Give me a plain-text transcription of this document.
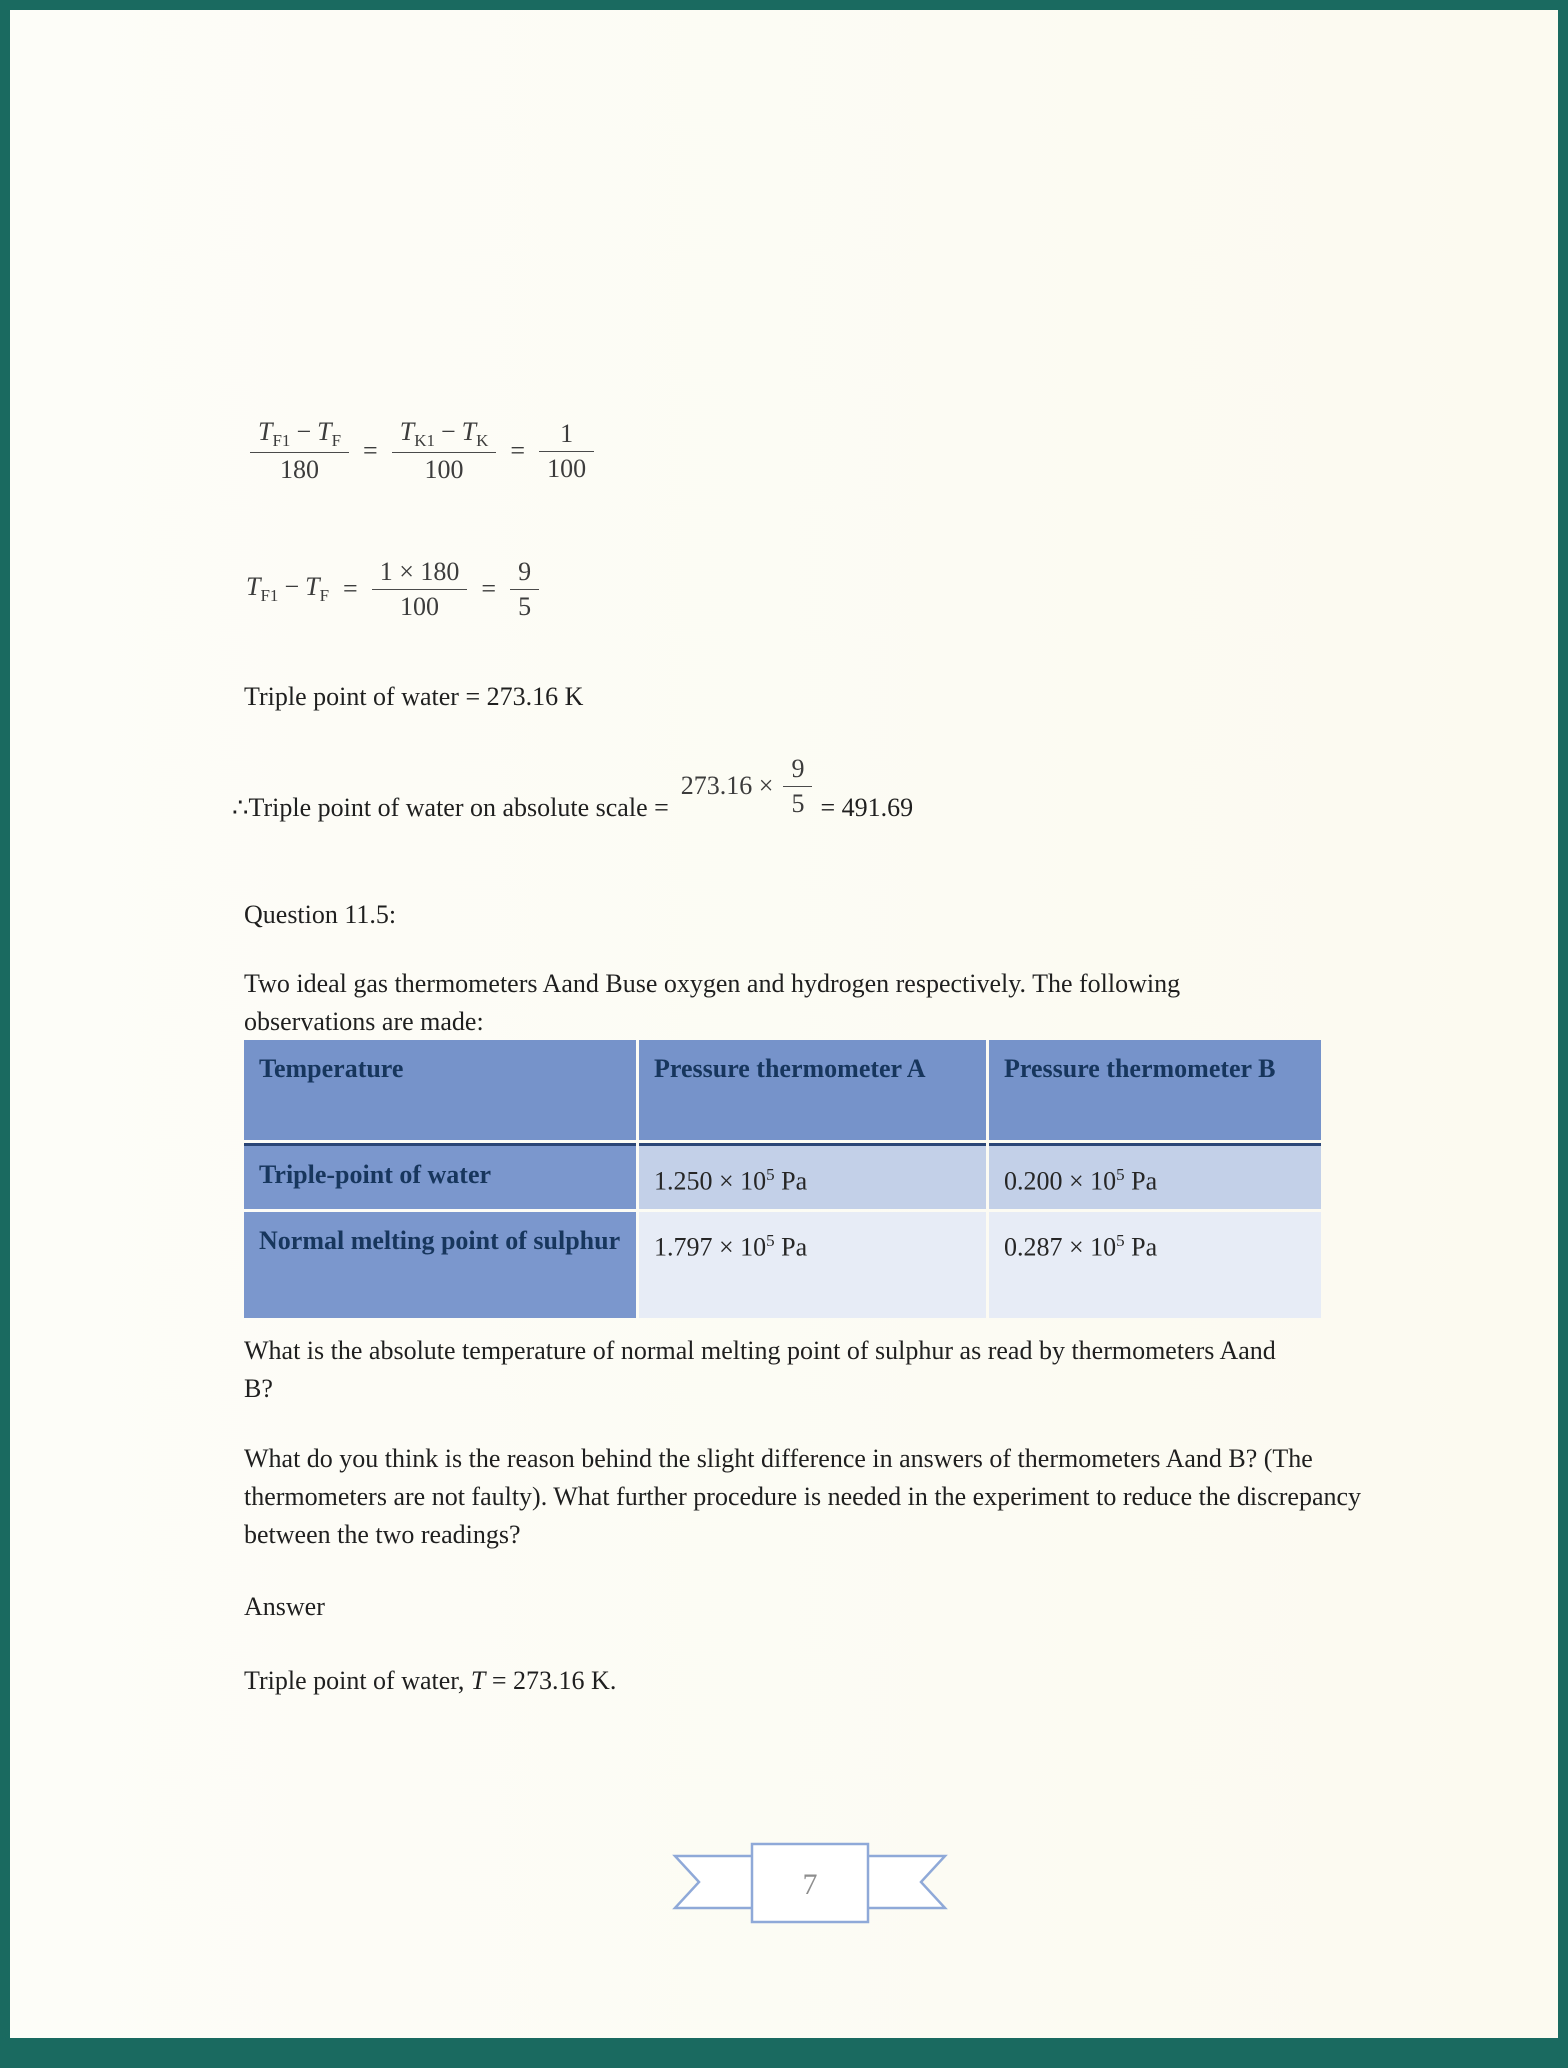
$\frac{T_{F1} - T_F}{180} = \frac{T_{K1} - T_K}{100} = \frac{1}{100}$
$T_{F1} - T_F = \frac{1 \times 180}{100} = \frac{9}{5}$
Triple point of water = 273.16 K
∴Triple point of water on absolute scale =
$273.16 \times \frac{9}{5} = 491.69$
Question 11.5:
Two ideal gas thermometers Aand Buse oxygen and hydrogen respectively. The following observations are made:
Temperature	Pressure thermometer A	Pressure thermometer B
Triple-point of water	$1.250 \times 10^5$ Pa	$0.200 \times 10^5$ Pa
Normal melting point of sulphur	$1.797 \times 10^5$ Pa	$0.287 \times 10^5$ Pa
What is the absolute temperature of normal melting point of sulphur as read by thermometers Aand B?
What do you think is the reason behind the slight difference in answers of thermometers Aand B? (The thermometers are not faulty). What further procedure is needed in the experiment to reduce the discrepancy between the two readings?
Answer
Triple point of water, T = 273.16 K.
7
